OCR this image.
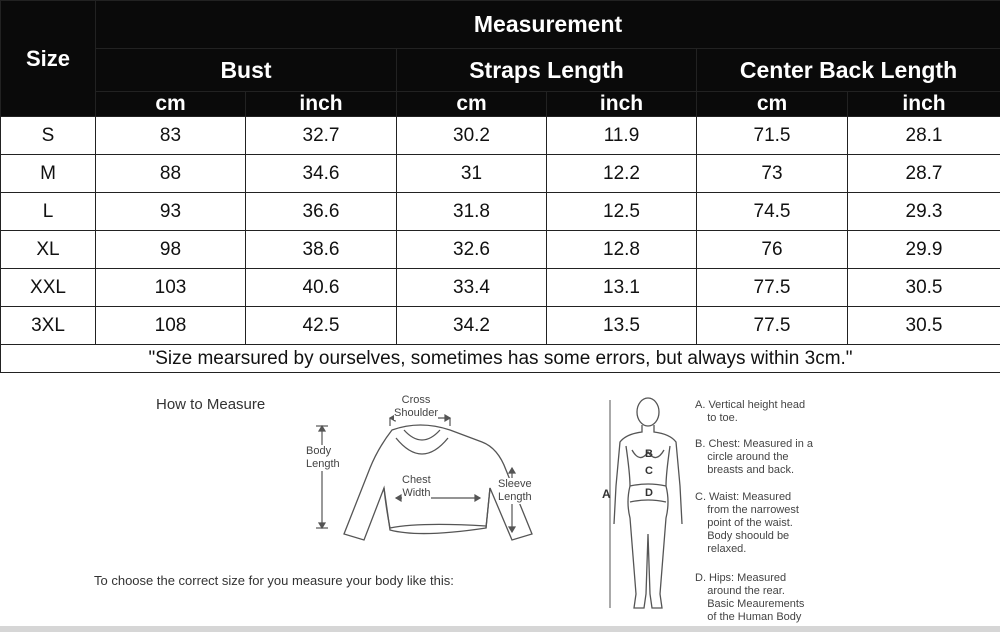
Size	Measurement					
	Bust		Straps Length		Center Back Length	
	cm	inch	cm	inch	cm	inch
S	83	32.7	30.2	11.9	71.5	28.1
M	88	34.6	31	12.2	73	28.7
L	93	36.6	31.8	12.5	74.5	29.3
XL	98	38.6	32.6	12.8	76	29.9
XXL	103	40.6	33.4	13.1	77.5	30.5
3XL	108	42.5	34.2	13.5	77.5	30.5
"Size mearsured by ourselves, sometimes has some errors, but always within 3cm."						
How to Measure	Cross
Shoulder
Body
Length
Chest
Width
Sleeve
Length
To choose the correct size for you measure your body like this:
A
B
C
D
A. Vertical height head
to toe.
B. Chest: Measured in a
circle around the
breasts and back.
C. Waist: Measured
from the narrowest
point of the waist.
Body shoould be
relaxed.
D. Hips: Measured
around the rear.
Basic Meaurements
of the Human Body
